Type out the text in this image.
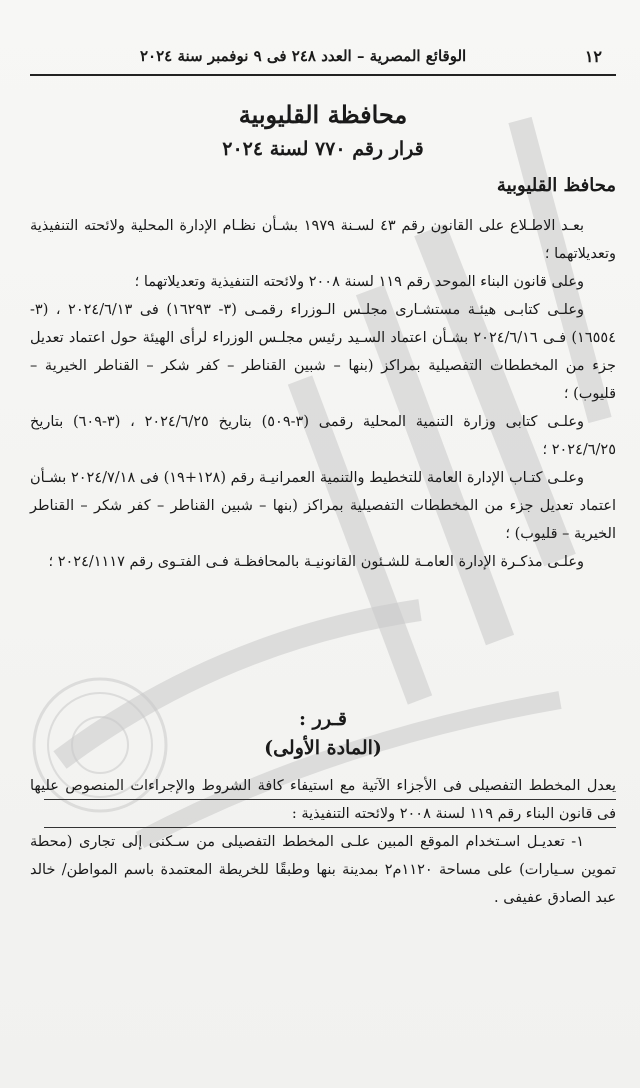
الوقائع المصرية – العدد ٢٤٨ فى ٩ نوفمبر سنة ٢٠٢٤	١٢
محافظة القليوبية
قرار رقم ٧٧٠ لسنة ٢٠٢٤
محافظ القليوبية

بعـد الاطـلاع على القانون رقم ٤٣ لسـنة ١٩٧٩ بشـأن نظـام الإدارة المحلية ولائحته التنفيذية وتعديلاتهما ؛

وعلى قانون البناء الموحد رقم ١١٩ لسنة ٢٠٠٨ ولائحته التنفيذية وتعديلاتهما ؛

وعلـى كتابـى هيئـة مستشـارى مجلـس الـوزراء رقمـى (٣- ١٦٢٩٣) فى ٢٠٢٤/٦/١٣ ، (٣- ١٦٥٥٤) فـى ٢٠٢٤/٦/١٦ بشـأن اعتماد السـيد رئيس مجلـس الوزراء لرأى الهيئة حول اعتماد تعديل جزء من المخططات التفصيلية بمراكز (بنها – شبين القناطر – كفر شكر – القناطر الخيرية – قليوب) ؛

وعلـى كتابى وزارة التنمية المحلية رقمى (٣-٥٠٩) بتاريخ ٢٠٢٤/٦/٢٥ ، (٣-٦٠٩) بتاريخ ٢٠٢٤/٦/٢٥ ؛

وعلـى كتـاب الإدارة العامة للتخطيط والتنمية العمرانيـة رقم (١٢٨+١٩) فى ٢٠٢٤/٧/١٨ بشـأن اعتماد تعديل جزء من المخططات التفصيلية بمراكز (بنها – شبين القناطر – كفر شكر – القناطر الخيرية – قليوب) ؛

وعلـى مذكـرة الإدارة العامـة للشـئون القانونيـة بالمحافظـة فـى الفتـوى رقم ٢٠٢٤/١١١٧ ؛

قـرر :
(المادة الأولى)

يعدل المخطط التفصيلى فى الأجزاء الآتية مع استيفاء كافة الشروط والإجراءات المنصوص عليها فى قانون البناء رقم ١١٩ لسنة ٢٠٠٨ ولائحته التنفيذية :

١- تعديـل اسـتخدام الموقع المبين علـى المخطط التفصيلى من سـكنى إلى تجارى (محطة تموين سـيارات) على مساحة ١١٢٠م٢ بمدينة بنها وطبقًا للخريطة المعتمدة باسم المواطن/ خالد عبد الصادق عفيفى .
